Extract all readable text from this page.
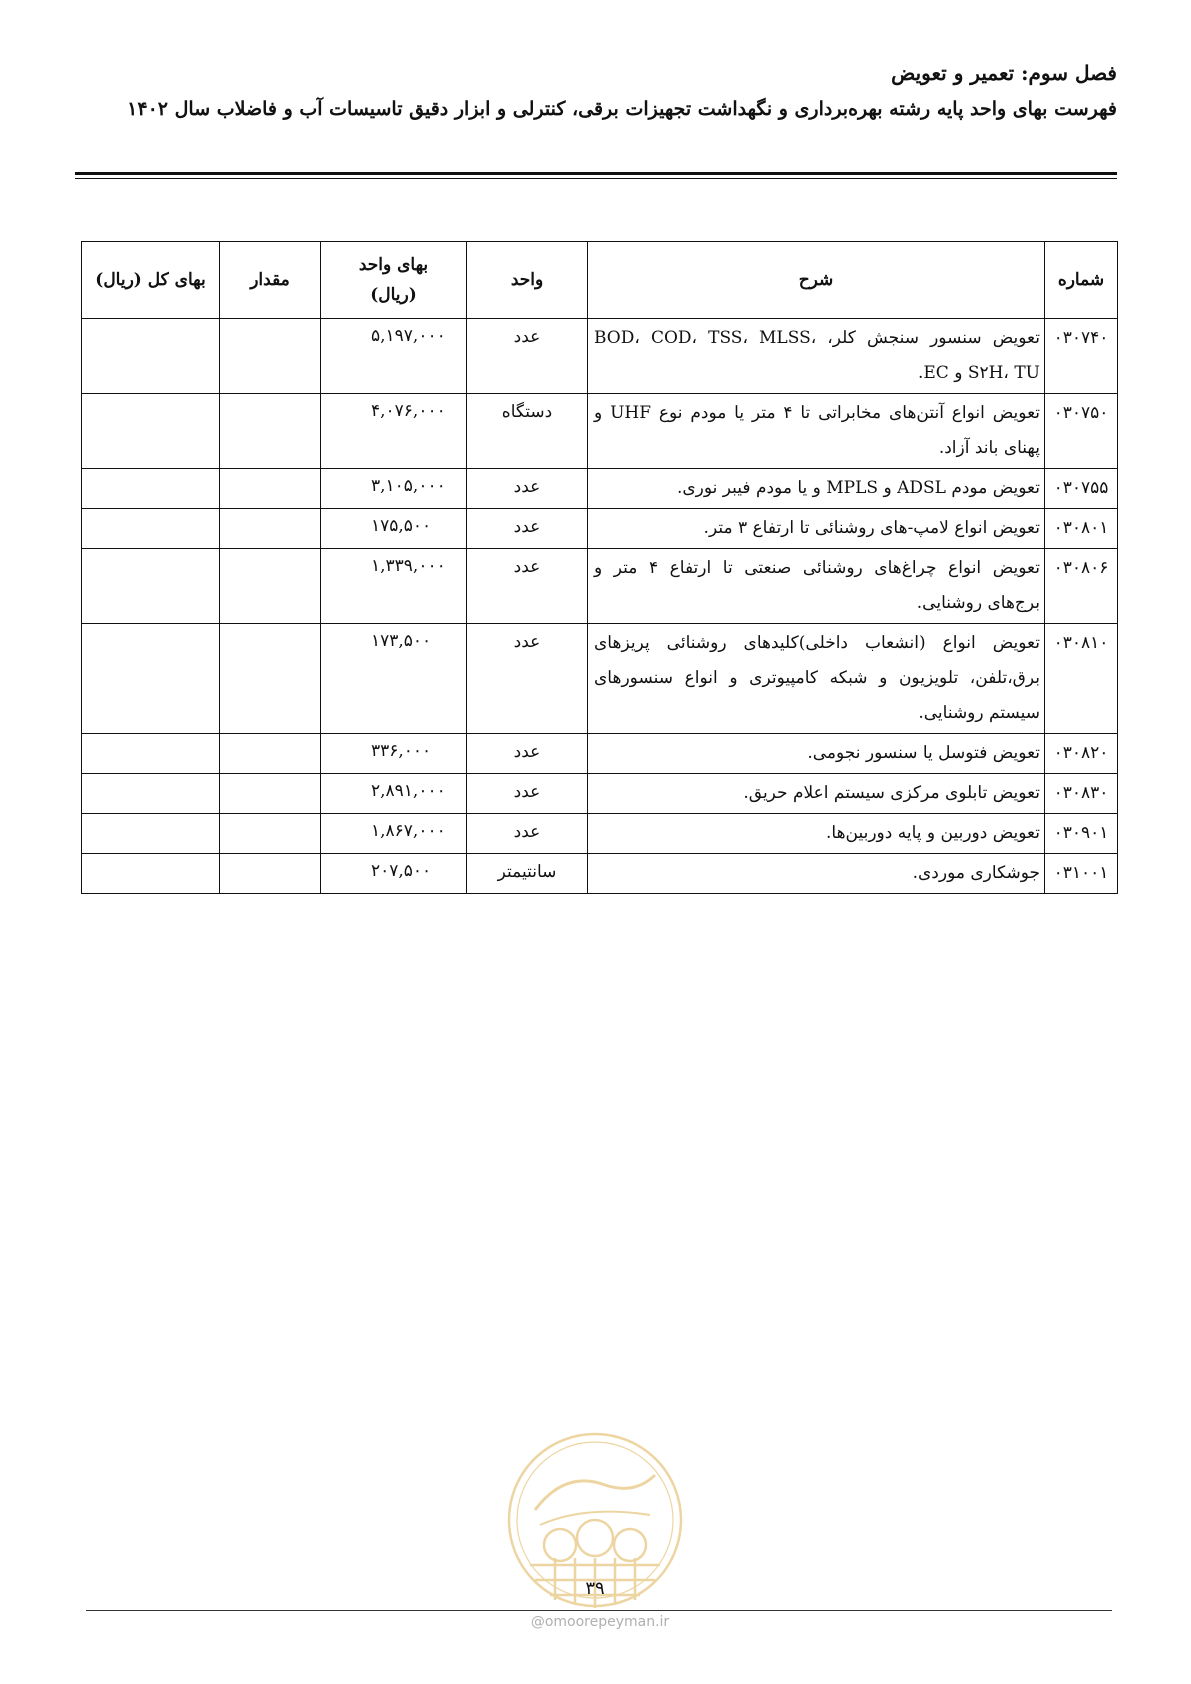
فصل سوم: تعمیر و تعویض
فهرست بهای واحد پایه رشته بهره‌برداری و نگهداشت تجهیزات برقی، کنترلی و ابزار دقیق تاسیسات آب و فاضلاب سال ۱۴۰۲
شماره	شرح	واحد	بهای واحد (ریال)	مقدار	بهای کل (ریال)
۰۳۰۷۴۰	تعویض سنسور سنجش کلر، BOD، COD، TSS، MLSS، S۲H، TU و EC.	عدد	۵,۱۹۷,۰۰۰		
۰۳۰۷۵۰	تعویض انواع آنتن‌های مخابراتی تا ۴ متر یا مودم نوع UHF و پهنای باند آزاد.	دستگاه	۴,۰۷۶,۰۰۰		
۰۳۰۷۵۵	تعویض مودم ADSL و MPLS و یا مودم فیبر نوری.	عدد	۳,۱۰۵,۰۰۰		
۰۳۰۸۰۱	تعویض انواع لامپ-های روشنائی تا ارتفاع ۳ متر.	عدد	۱۷۵,۵۰۰		
۰۳۰۸۰۶	تعویض انواع چراغ‌های روشنائی صنعتی تا ارتفاع ۴ متر و برج‌های روشنایی.	عدد	۱,۳۳۹,۰۰۰		
۰۳۰۸۱۰	تعویض انواع (انشعاب داخلی)کلیدهای روشنائی پریزهای برق،تلفن، تلویزیون و شبکه کامپیوتری و انواع سنسورهای سیستم روشنایی.	عدد	۱۷۳,۵۰۰		
۰۳۰۸۲۰	تعویض فتوسل یا سنسور نجومی.	عدد	۳۳۶,۰۰۰		
۰۳۰۸۳۰	تعویض تابلوی مرکزی سیستم اعلام حریق.	عدد	۲,۸۹۱,۰۰۰		
۰۳۰۹۰۱	تعویض دوربین و پایه دوربین‌ها.	عدد	۱,۸۶۷,۰۰۰		
۰۳۱۰۰۱	جوشکاری موردی.	سانتیمتر	۲۰۷,۵۰۰		
@omoorepeyman.ir
۳۹
